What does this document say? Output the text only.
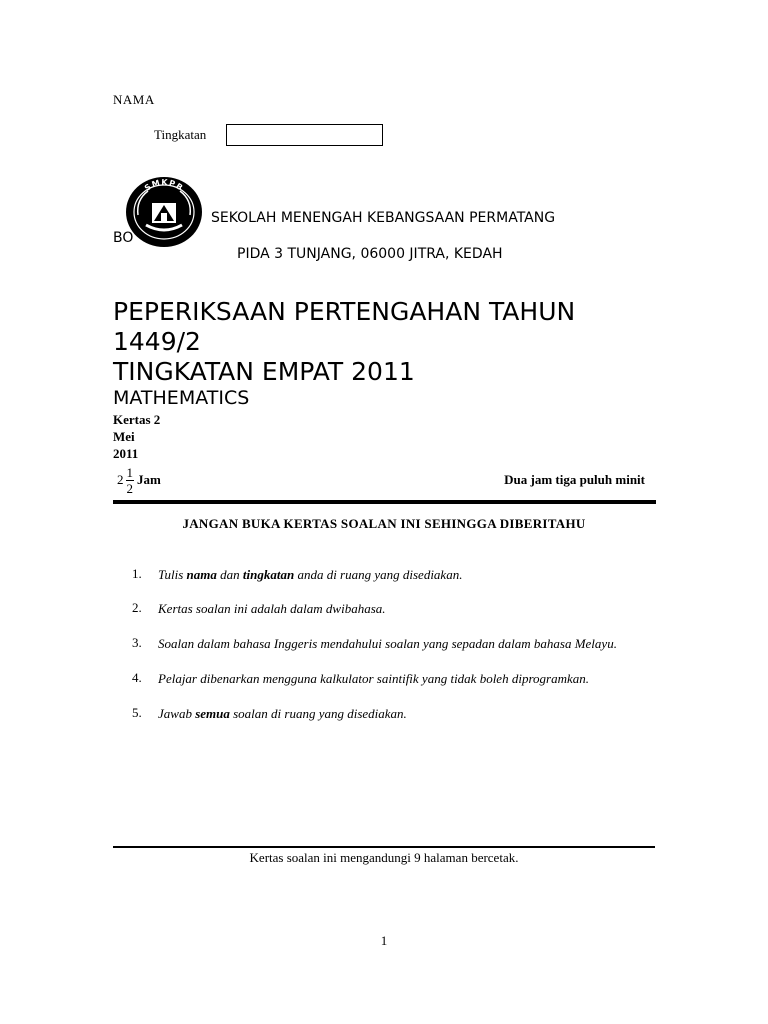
NAMA
Tingkatan
SMKPB
SEKOLAH MENENGAH KEBANGSAAN PERMATANG
BO
PIDA 3 TUNJANG, 06000 JITRA, KEDAH
PEPERIKSAAN PERTENGAHAN TAHUN
1449/2
TINGKATAN EMPAT 2011
MATHEMATICS
Kertas 2
Mei
2011
$2 \frac{1}{2}$ Jam	Dua jam tiga puluh minit
JANGAN BUKA KERTAS SOALAN INI SEHINGGA DIBERITAHU
1.	Tulis nama dan tingkatan anda di ruang yang disediakan.
2.	Kertas soalan ini adalah dalam dwibahasa.
3.	Soalan dalam bahasa Inggeris mendahului soalan yang sepadan dalam bahasa Melayu.
4.	Pelajar dibenarkan mengguna kalkulator saintifik yang tidak boleh diprogramkan.
5.	Jawab semua soalan di ruang yang disediakan.
Kertas soalan ini mengandungi 9 halaman bercetak.
1
